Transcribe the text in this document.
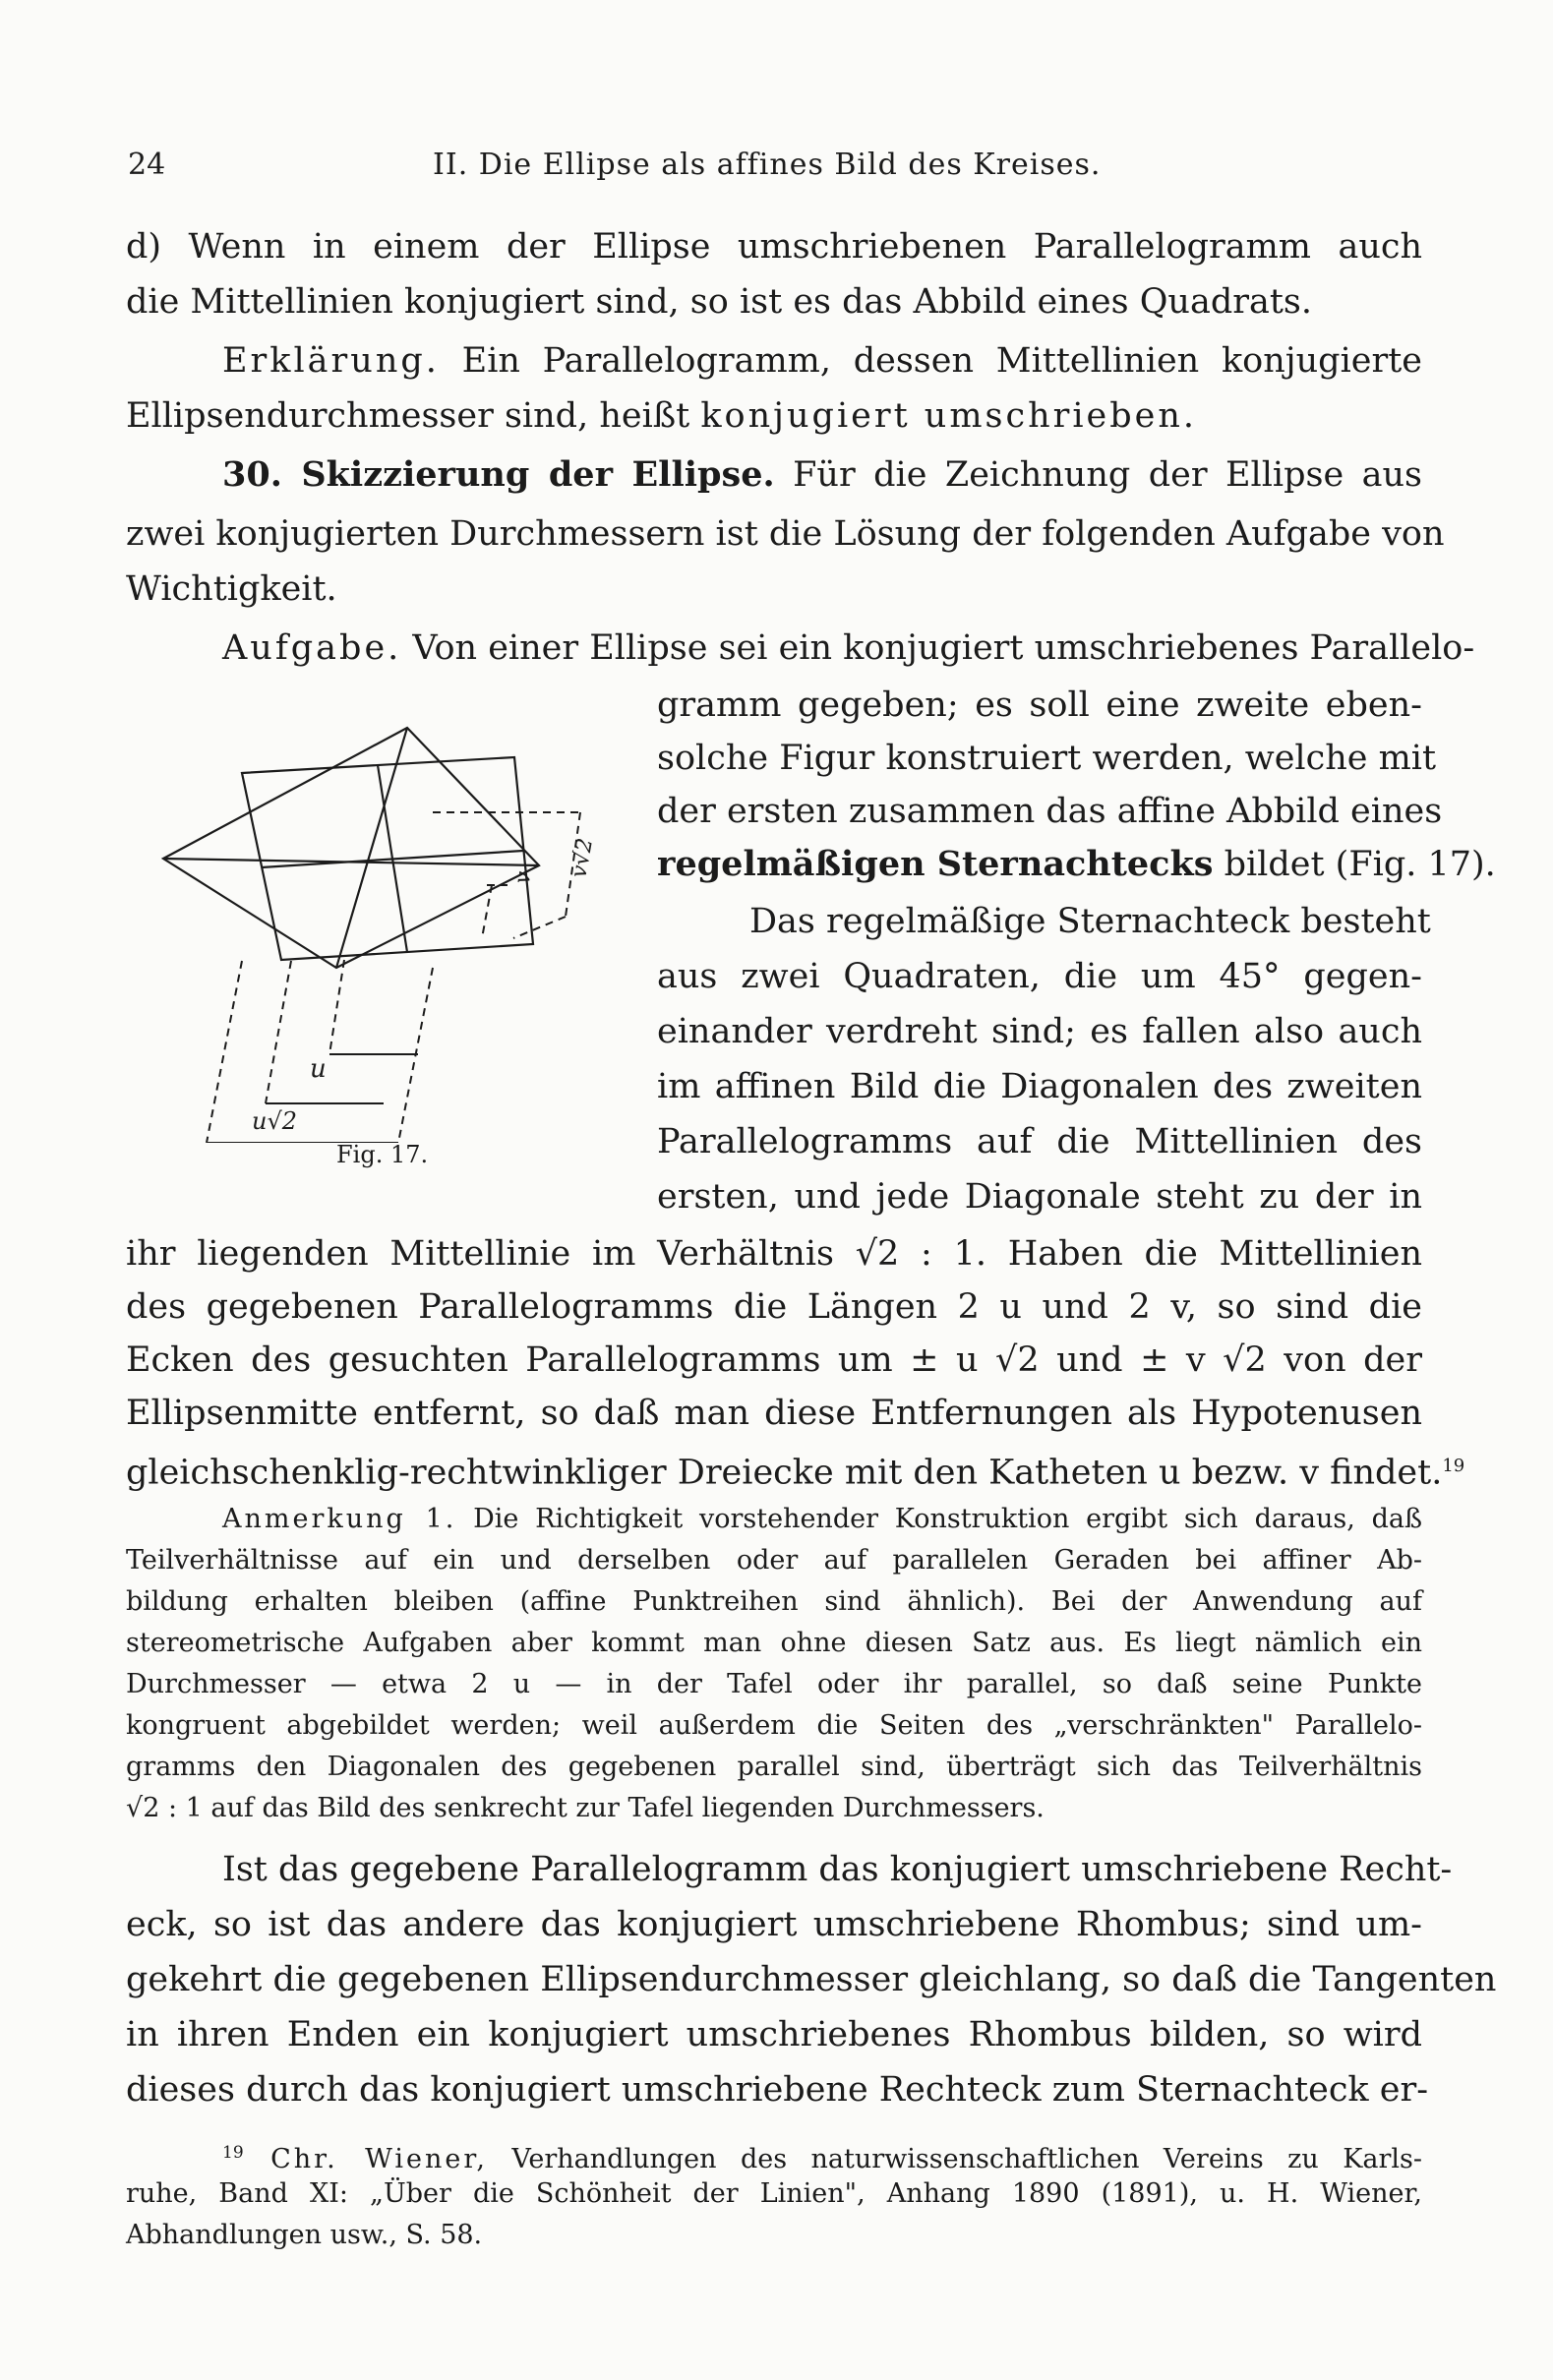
24	II. Die Ellipse als affines Bild des Kreises.
d) Wenn in einem der Ellipse umschriebenen Parallelogramm auch
die Mittellinien konjugiert sind, so ist es das Abbild eines Quadrats.
Erklärung. Ein Parallelogramm, dessen Mittellinien konjugierte
Ellipsendurchmesser sind, heißt konjugiert umschrieben.
30. Skizzierung der Ellipse. Für die Zeichnung der Ellipse aus
zwei konjugierten Durchmessern ist die Lösung der folgenden Aufgabe von
Wichtigkeit.
Aufgabe. Von einer Ellipse sei ein konjugiert umschriebenes Parallelo-
gramm gegeben; es soll eine zweite eben-
solche Figur konstruiert werden, welche mit
der ersten zusammen das affine Abbild eines
regelmäßigen Sternachtecks bildet (Fig. 17).
Das regelmäßige Sternachteck besteht
aus zwei Quadraten, die um 45° gegen-
einander verdreht sind; es fallen also auch
im affinen Bild die Diagonalen des zweiten
Parallelogramms auf die Mittellinien des
ersten, und jede Diagonale steht zu der in
u
u√2
v v√2
Fig. 17.
ihr liegenden Mittellinie im Verhältnis √2 : 1. Haben die Mittellinien
des gegebenen Parallelogramms die Längen 2 u und 2 v, so sind die
Ecken des gesuchten Parallelogramms um ± u √2 und ± v √2 von der
Ellipsenmitte entfernt, so daß man diese Entfernungen als Hypotenusen
gleichschenklig-rechtwinkliger Dreiecke mit den Katheten u bezw. v findet.$^{19}$
Anmerkung 1. Die Richtigkeit vorstehender Konstruktion ergibt sich daraus, daß
Teilverhältnisse auf ein und derselben oder auf parallelen Geraden bei affiner Ab-
bildung erhalten bleiben (affine Punktreihen sind ähnlich). Bei der Anwendung auf
stereometrische Aufgaben aber kommt man ohne diesen Satz aus. Es liegt nämlich ein
Durchmesser — etwa 2 u — in der Tafel oder ihr parallel, so daß seine Punkte
kongruent abgebildet werden; weil außerdem die Seiten des „verschränkten" Parallelo-
gramms den Diagonalen des gegebenen parallel sind, überträgt sich das Teilverhältnis
√2 : 1 auf das Bild des senkrecht zur Tafel liegenden Durchmessers.
Ist das gegebene Parallelogramm das konjugiert umschriebene Recht-
eck, so ist das andere das konjugiert umschriebene Rhombus; sind um-
gekehrt die gegebenen Ellipsendurchmesser gleichlang, so daß die Tangenten
in ihren Enden ein konjugiert umschriebenes Rhombus bilden, so wird
dieses durch das konjugiert umschriebene Rechteck zum Sternachteck er-
$^{19}$ Chr. Wiener, Verhandlungen des naturwissenschaftlichen Vereins zu Karls-
ruhe, Band XI: „Über die Schönheit der Linien", Anhang 1890 (1891), u. H. Wiener,
Abhandlungen usw., S. 58.
